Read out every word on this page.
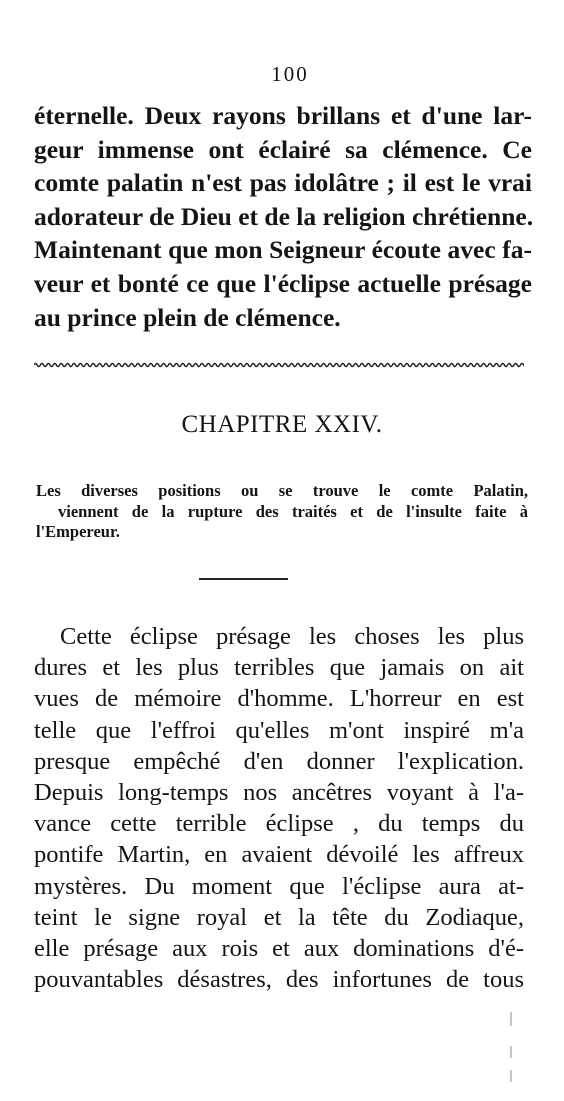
100

éternelle. Deux rayons brillans et d'une lar-
geur immense ont éclairé sa clémence. Ce
comte palatin n'est pas idolâtre ; il est le vrai
adorateur de Dieu et de la religion chrétienne.
Maintenant que mon Seigneur écoute avec fa-
veur et bonté ce que l'éclipse actuelle présage
au prince plein de clémence.

CHAPITRE XXIV.

Les diverses positions ou se trouve le comte Palatin,
viennent de la rupture des traités et de l'insulte faite à
l'Empereur.

Cette éclipse présage les choses les plus
dures et les plus terribles que jamais on ait
vues de mémoire d'homme. L'horreur en est
telle que l'effroi qu'elles m'ont inspiré m'a
presque empêché d'en donner l'explication.
Depuis long-temps nos ancêtres voyant à l'a-
vance cette terrible éclipse , du temps du
pontife Martin, en avaient dévoilé les affreux
mystères. Du moment que l'éclipse aura at-
teint le signe royal et la tête du Zodiaque,
elle présage aux rois et aux dominations d'é-
pouvantables désastres, des infortunes de tous
